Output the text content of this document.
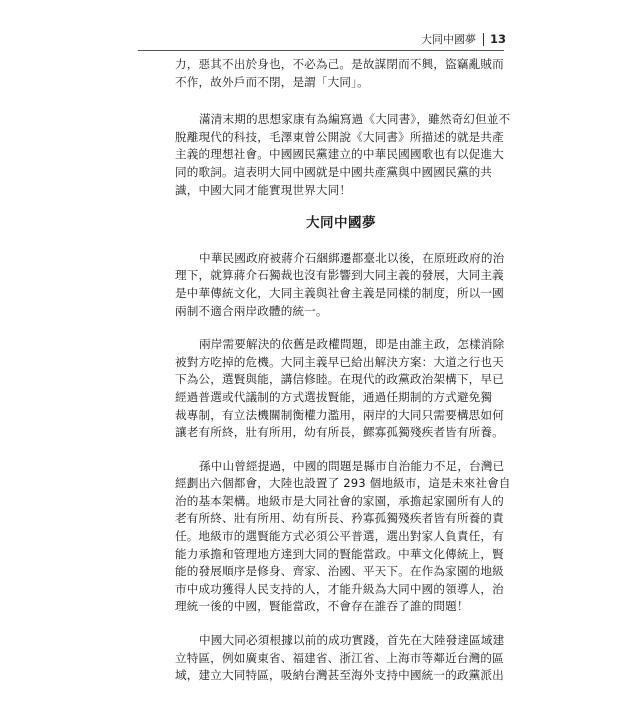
大同中國夢 13

力，惡其不出於身也，不必為己。是故謀閉而不興，盜竊亂賊而
不作，故外戶而不閉，是謂「大同」。

滿清末期的思想家康有為編寫過《大同書》，雖然奇幻但並不
脫離現代的科技，毛澤東曾公開說《大同書》所描述的就是共產
主義的理想社會。中國國民黨建立的中華民國國歌也有以促進大
同的歌詞。這表明大同中國就是中國共產黨與中國國民黨的共
識，中國大同才能實現世界大同！

大同中國夢

中華民國政府被蔣介石綑綁遷都臺北以後，在原班政府的治
理下，就算蔣介石獨裁也沒有影響到大同主義的發展，大同主義
是中華傳統文化，大同主義與社會主義是同樣的制度，所以一國
兩制不適合兩岸政體的統一。

兩岸需要解決的依舊是政權問題，即是由誰主政，怎樣消除
被對方吃掉的危機。大同主義早已給出解決方案：大道之行也天
下為公，選賢與能，講信修睦。在現代的政黨政治架構下，早已
經過普選或代議制的方式選拔賢能，通過任期制的方式避免獨
裁專制，有立法機關制衡權力濫用，兩岸的大同只需要構思如何
讓老有所終，壯有所用，幼有所長，鰥寡孤獨殘疾者皆有所養。

孫中山曾經提過，中國的問題是縣市自治能力不足，台灣已
經劃出六個都會，大陸也設置了 293 個地級市，這是未來社會自
治的基本架構。地級市是大同社會的家園，承擔起家園所有人的
老有所終、壯有所用、幼有所長、矜寡孤獨殘疾者皆有所養的責
任。地級市的選賢能方式必須公平普選，選出對家人負責任，有
能力承擔和管理地方達到大同的賢能當政。中華文化傳統上，賢
能的發展順序是修身、齊家、治國、平天下。在作為家園的地級
市中成功獲得人民支持的人，才能升級為大同中國的領導人，治
理統一後的中國，賢能當政，不會存在誰吞了誰的問題！

中國大同必須根據以前的成功實踐，首先在大陸發達區域建
立特區，例如廣東省、福建省、浙江省、上海市等鄰近台灣的區
域，建立大同特區，吸納台灣甚至海外支持中國統一的政黨派出
